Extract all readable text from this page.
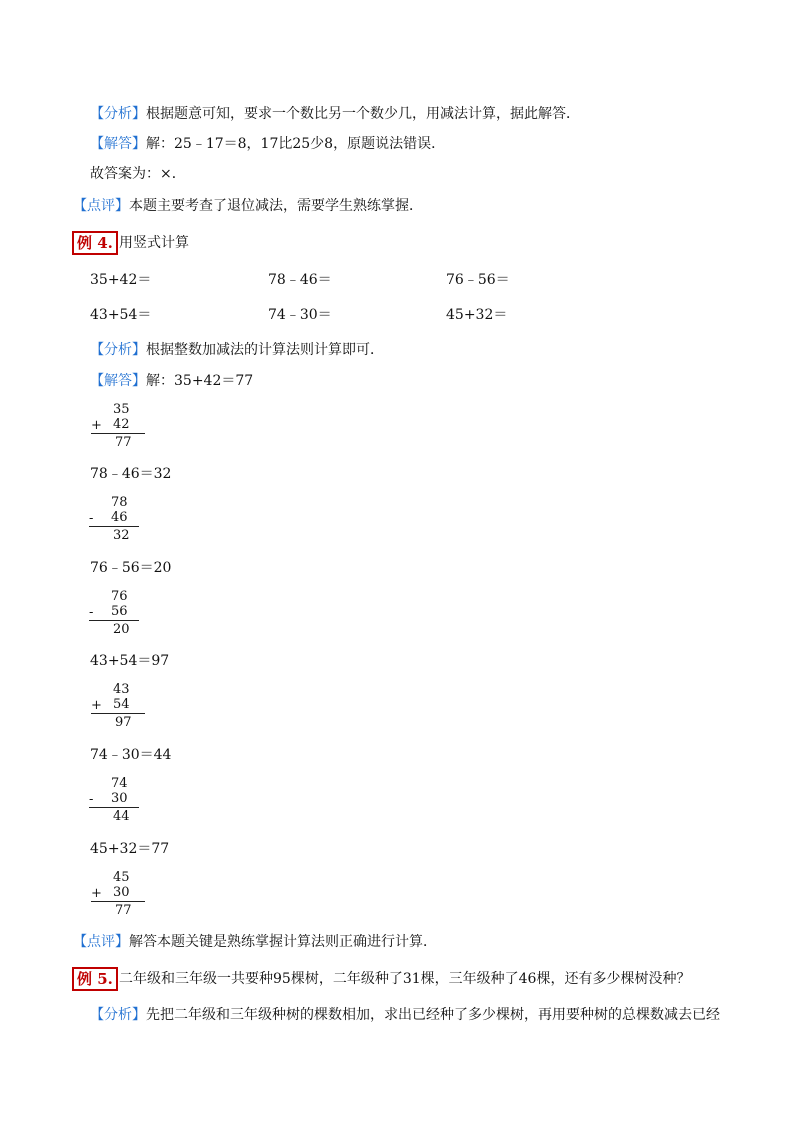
【分析】根据题意可知，要求一个数比另一个数少几，用减法计算，据此解答．
【解答】解：25﹣17＝8，17比25少8，原题说法错误．
故答案为：×．
【点评】本题主要考查了退位减法，需要学生熟练掌握．
例 4. 用竖式计算
35+42＝	78﹣46＝	76﹣56＝
43+54＝	74﹣30＝	45+32＝
【分析】根据整数加减法的计算法则计算即可．
【解答】解：35+42＝77
35
+ 42
77
78﹣46＝32
78
- 46
32
76﹣56＝20
76
- 56
20
43+54＝97
43
+ 54
97
74﹣30＝44
74
- 30
44
45+32＝77
45
+ 30
77
【点评】解答本题关键是熟练掌握计算法则正确进行计算．
例 5. 二年级和三年级一共要种95棵树，二年级种了31棵，三年级种了46棵，还有多少棵树没种？
【分析】先把二年级和三年级种树的棵数相加，求出已经种了多少棵树，再用要种树的总棵数减去已经
